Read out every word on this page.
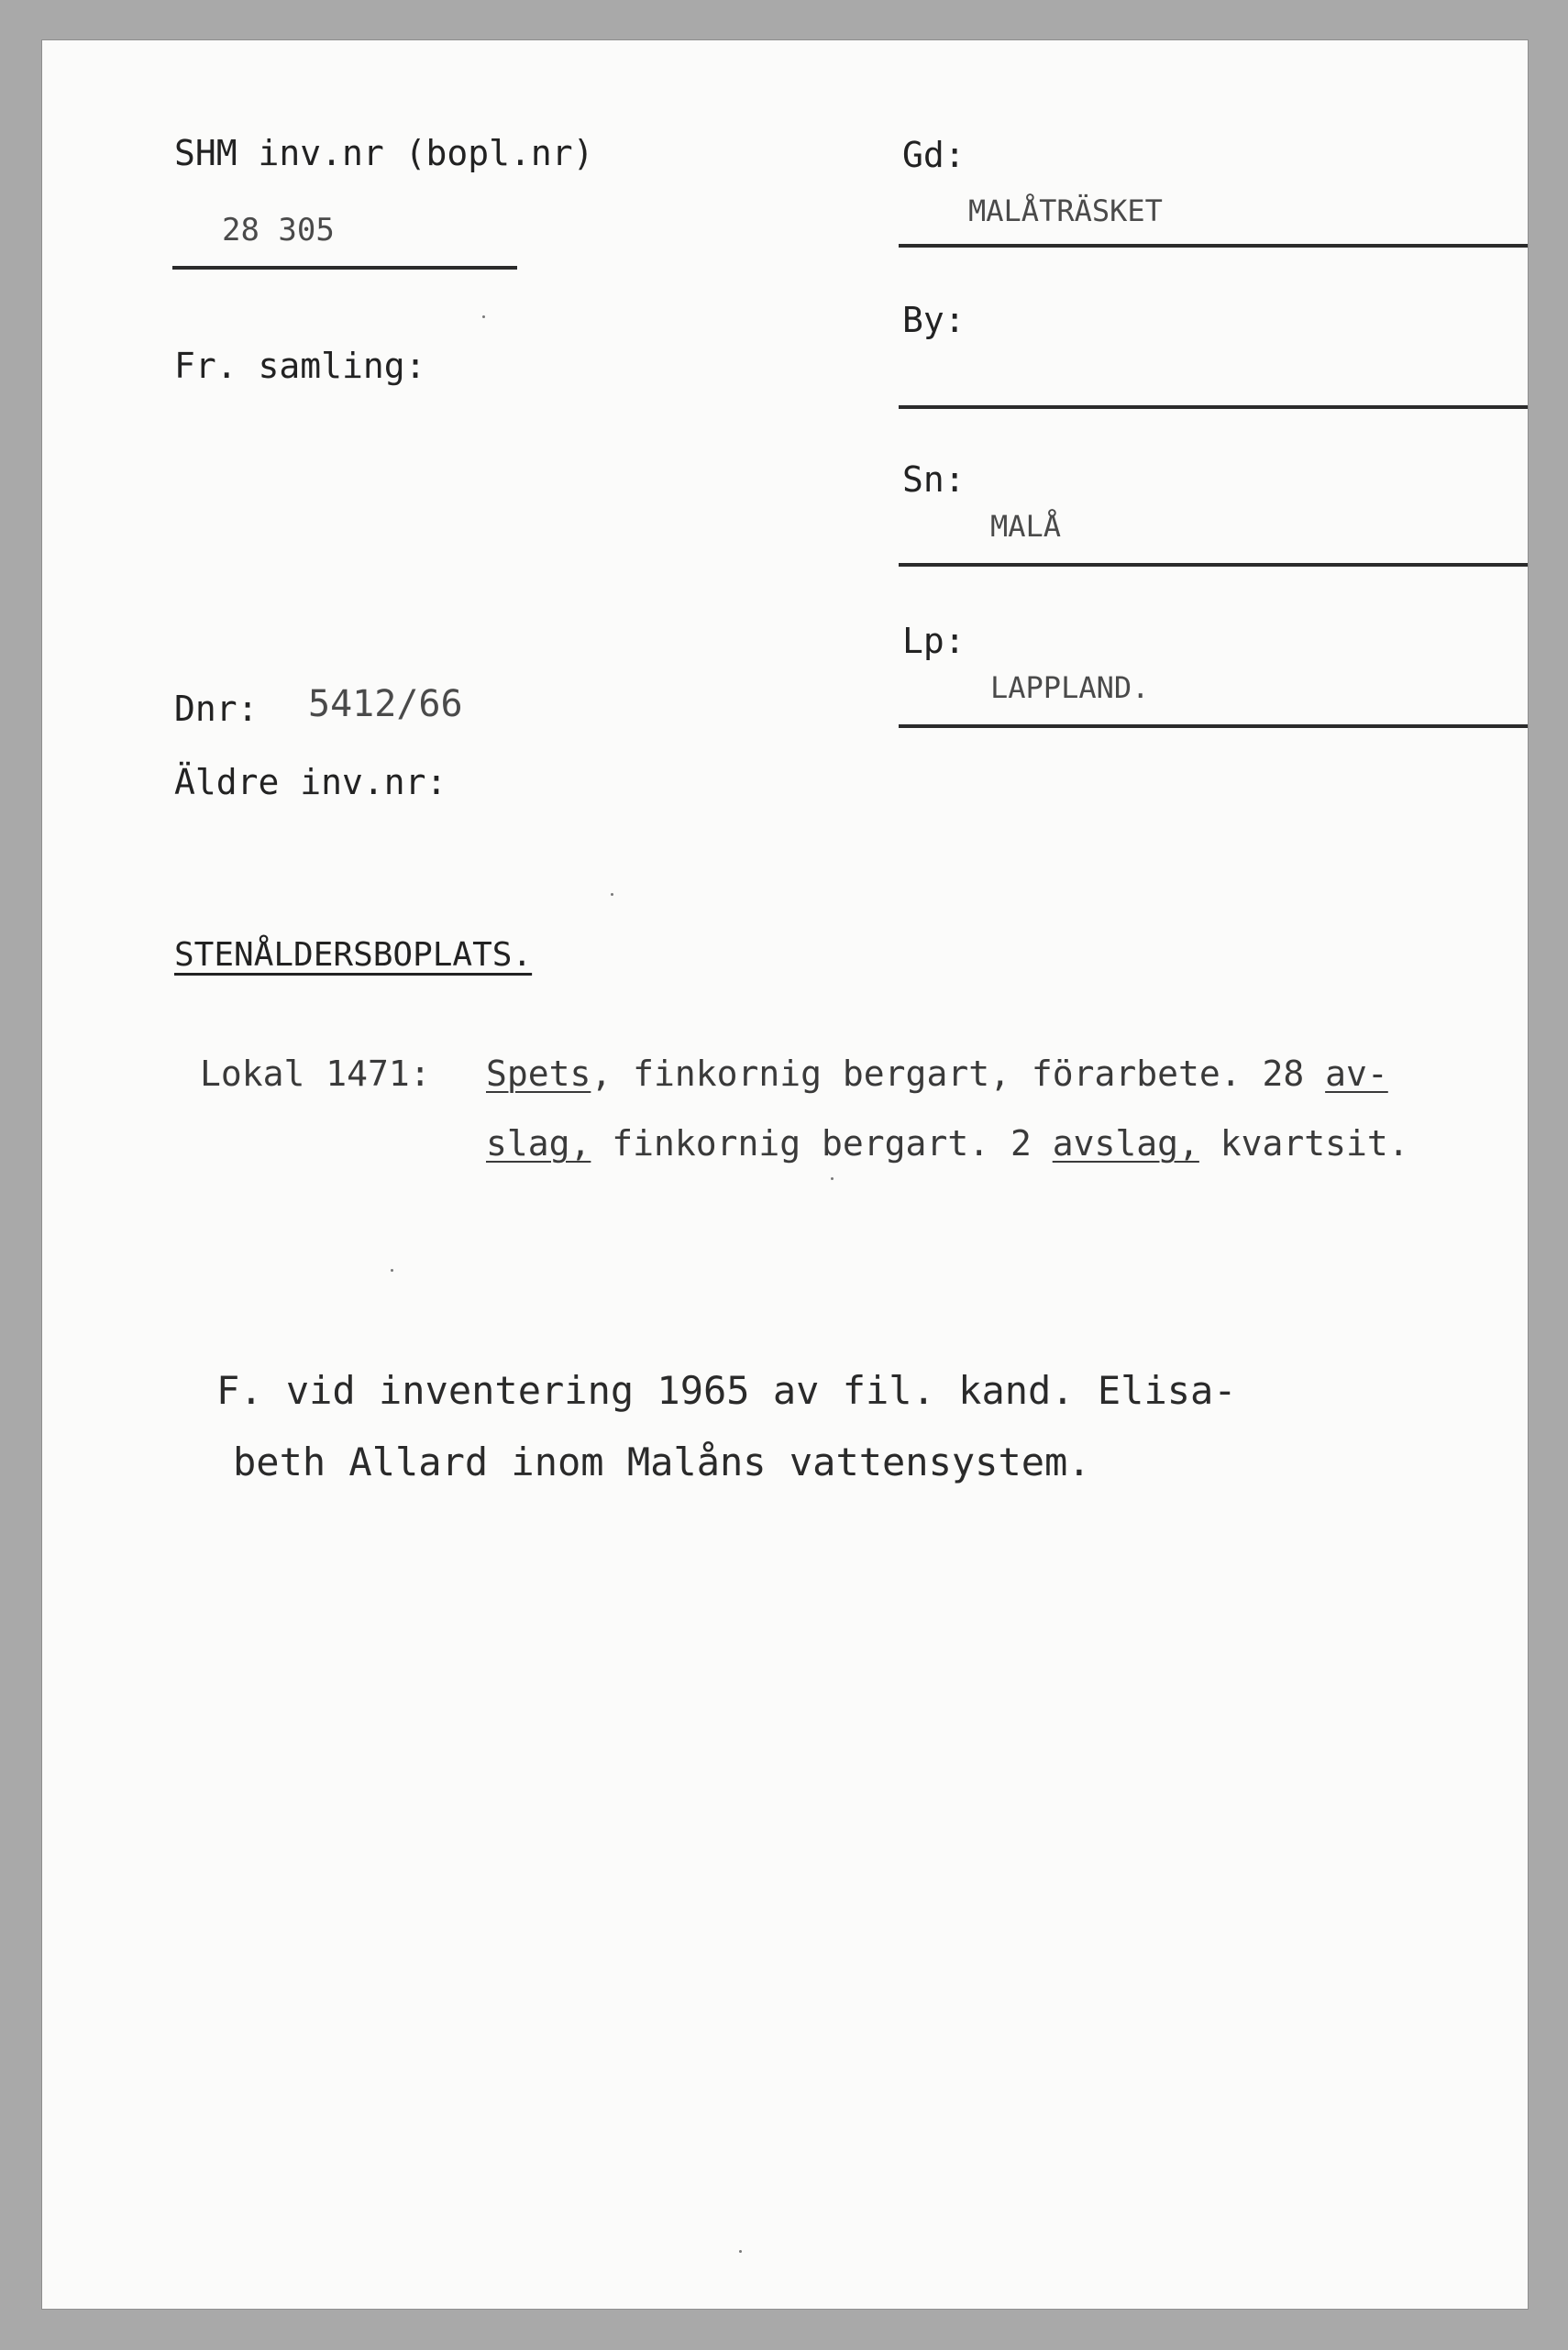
SHM inv.nr (bopl.nr)
28 305
Fr. samling:
Dnr: 5412/66
Äldre inv.nr:
Gd:
MALÅTRÄSKET
By:
Sn:
MALÅ
Lp:
LAPPLAND.
STENÅLDERSBOPLATS.
Lokal 1471: Spets, finkornig bergart, förarbete. 28 av-
slag, finkornig bergart. 2 avslag, kvartsit.
F. vid inventering 1965 av fil. kand. Elisa-
beth Allard inom Malåns vattensystem.
